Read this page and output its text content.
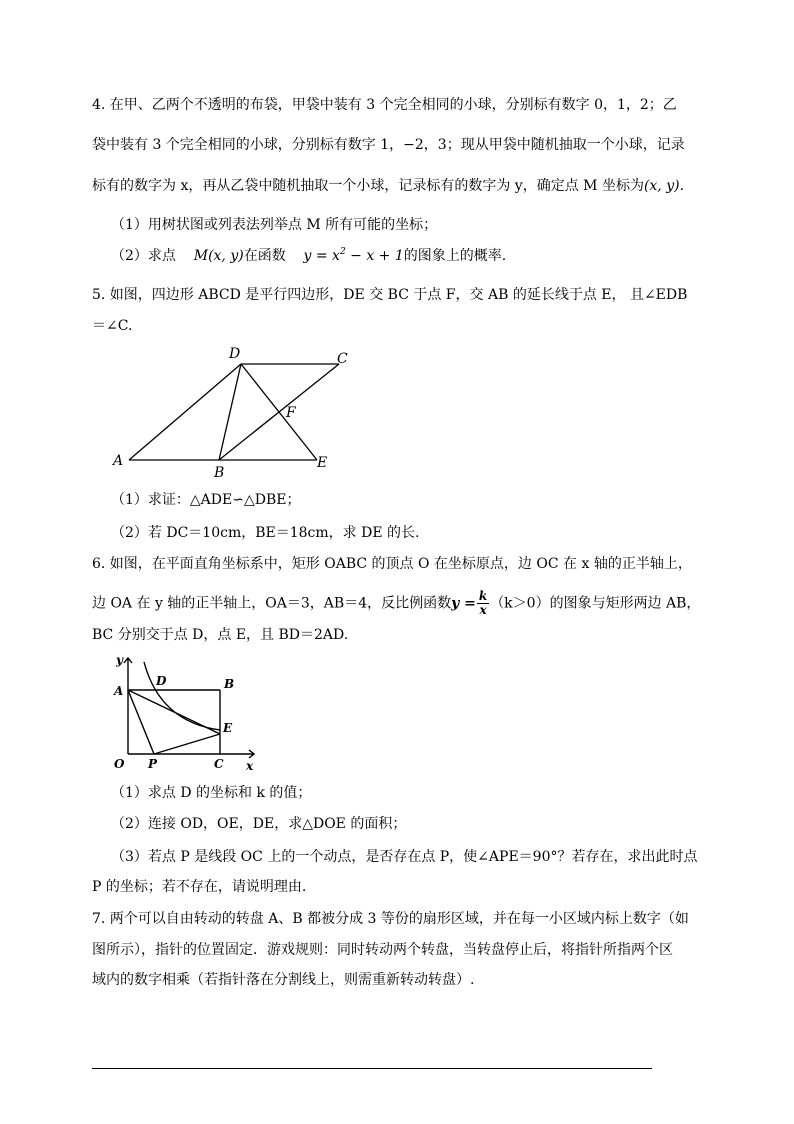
4. 在甲、乙两个不透明的布袋，甲袋中装有 3 个完全相同的小球，分别标有数字 0，1，2；乙
袋中装有 3 个完全相同的小球，分别标有数字 1，−2，3；现从甲袋中随机抽取一个小球，记录
标有的数字为 x，再从乙袋中随机抽取一个小球，记录标有的数字为 y，确定点 M 坐标为(x, y).
（1）用树状图或列表法列举点 M 所有可能的坐标；
（2）求点 M(x, y)在函数 $y = x^2 - x + 1$的图象上的概率.
5. 如图，四边形 ABCD 是平行四边形，DE 交 BC 于点 F，交 AB 的延长线于点 E， 且∠EDB
＝∠C.
D	C
F
A
B
E
（1）求证：△ADE∽△DBE；
（2）若 DC＝10cm，BE＝18cm，求 DE 的长.
6. 如图，在平面直角坐标系中，矩形 OABC 的顶点 O 在坐标原点，边 OC 在 x 轴的正半轴上，
边 OA 在 y 轴的正半轴上，OA＝3，AB＝4，反比例函数$y = \frac{k}{x} (k>0)$的图象与矩形两边 AB，
BC 分别交于点 D，点 E，且 BD＝2AD.
y
A
D	B
E
O P	C x
（1）求点 D 的坐标和 k 的值；
（2）连接 OD，OE，DE，求△DOE 的面积；
（3）若点 P 是线段 OC 上的一个动点，是否存在点 P，使∠APE＝90°？若存在，求出此时点
P 的坐标；若不存在，请说明理由.
7. 两个可以自由转动的转盘 A、B 都被分成 3 等份的扇形区域，并在每一小区域内标上数字（如
图所示），指针的位置固定．游戏规则：同时转动两个转盘，当转盘停止后，将指针所指两个区
域内的数字相乘（若指针落在分割线上，则需重新转动转盘）.
